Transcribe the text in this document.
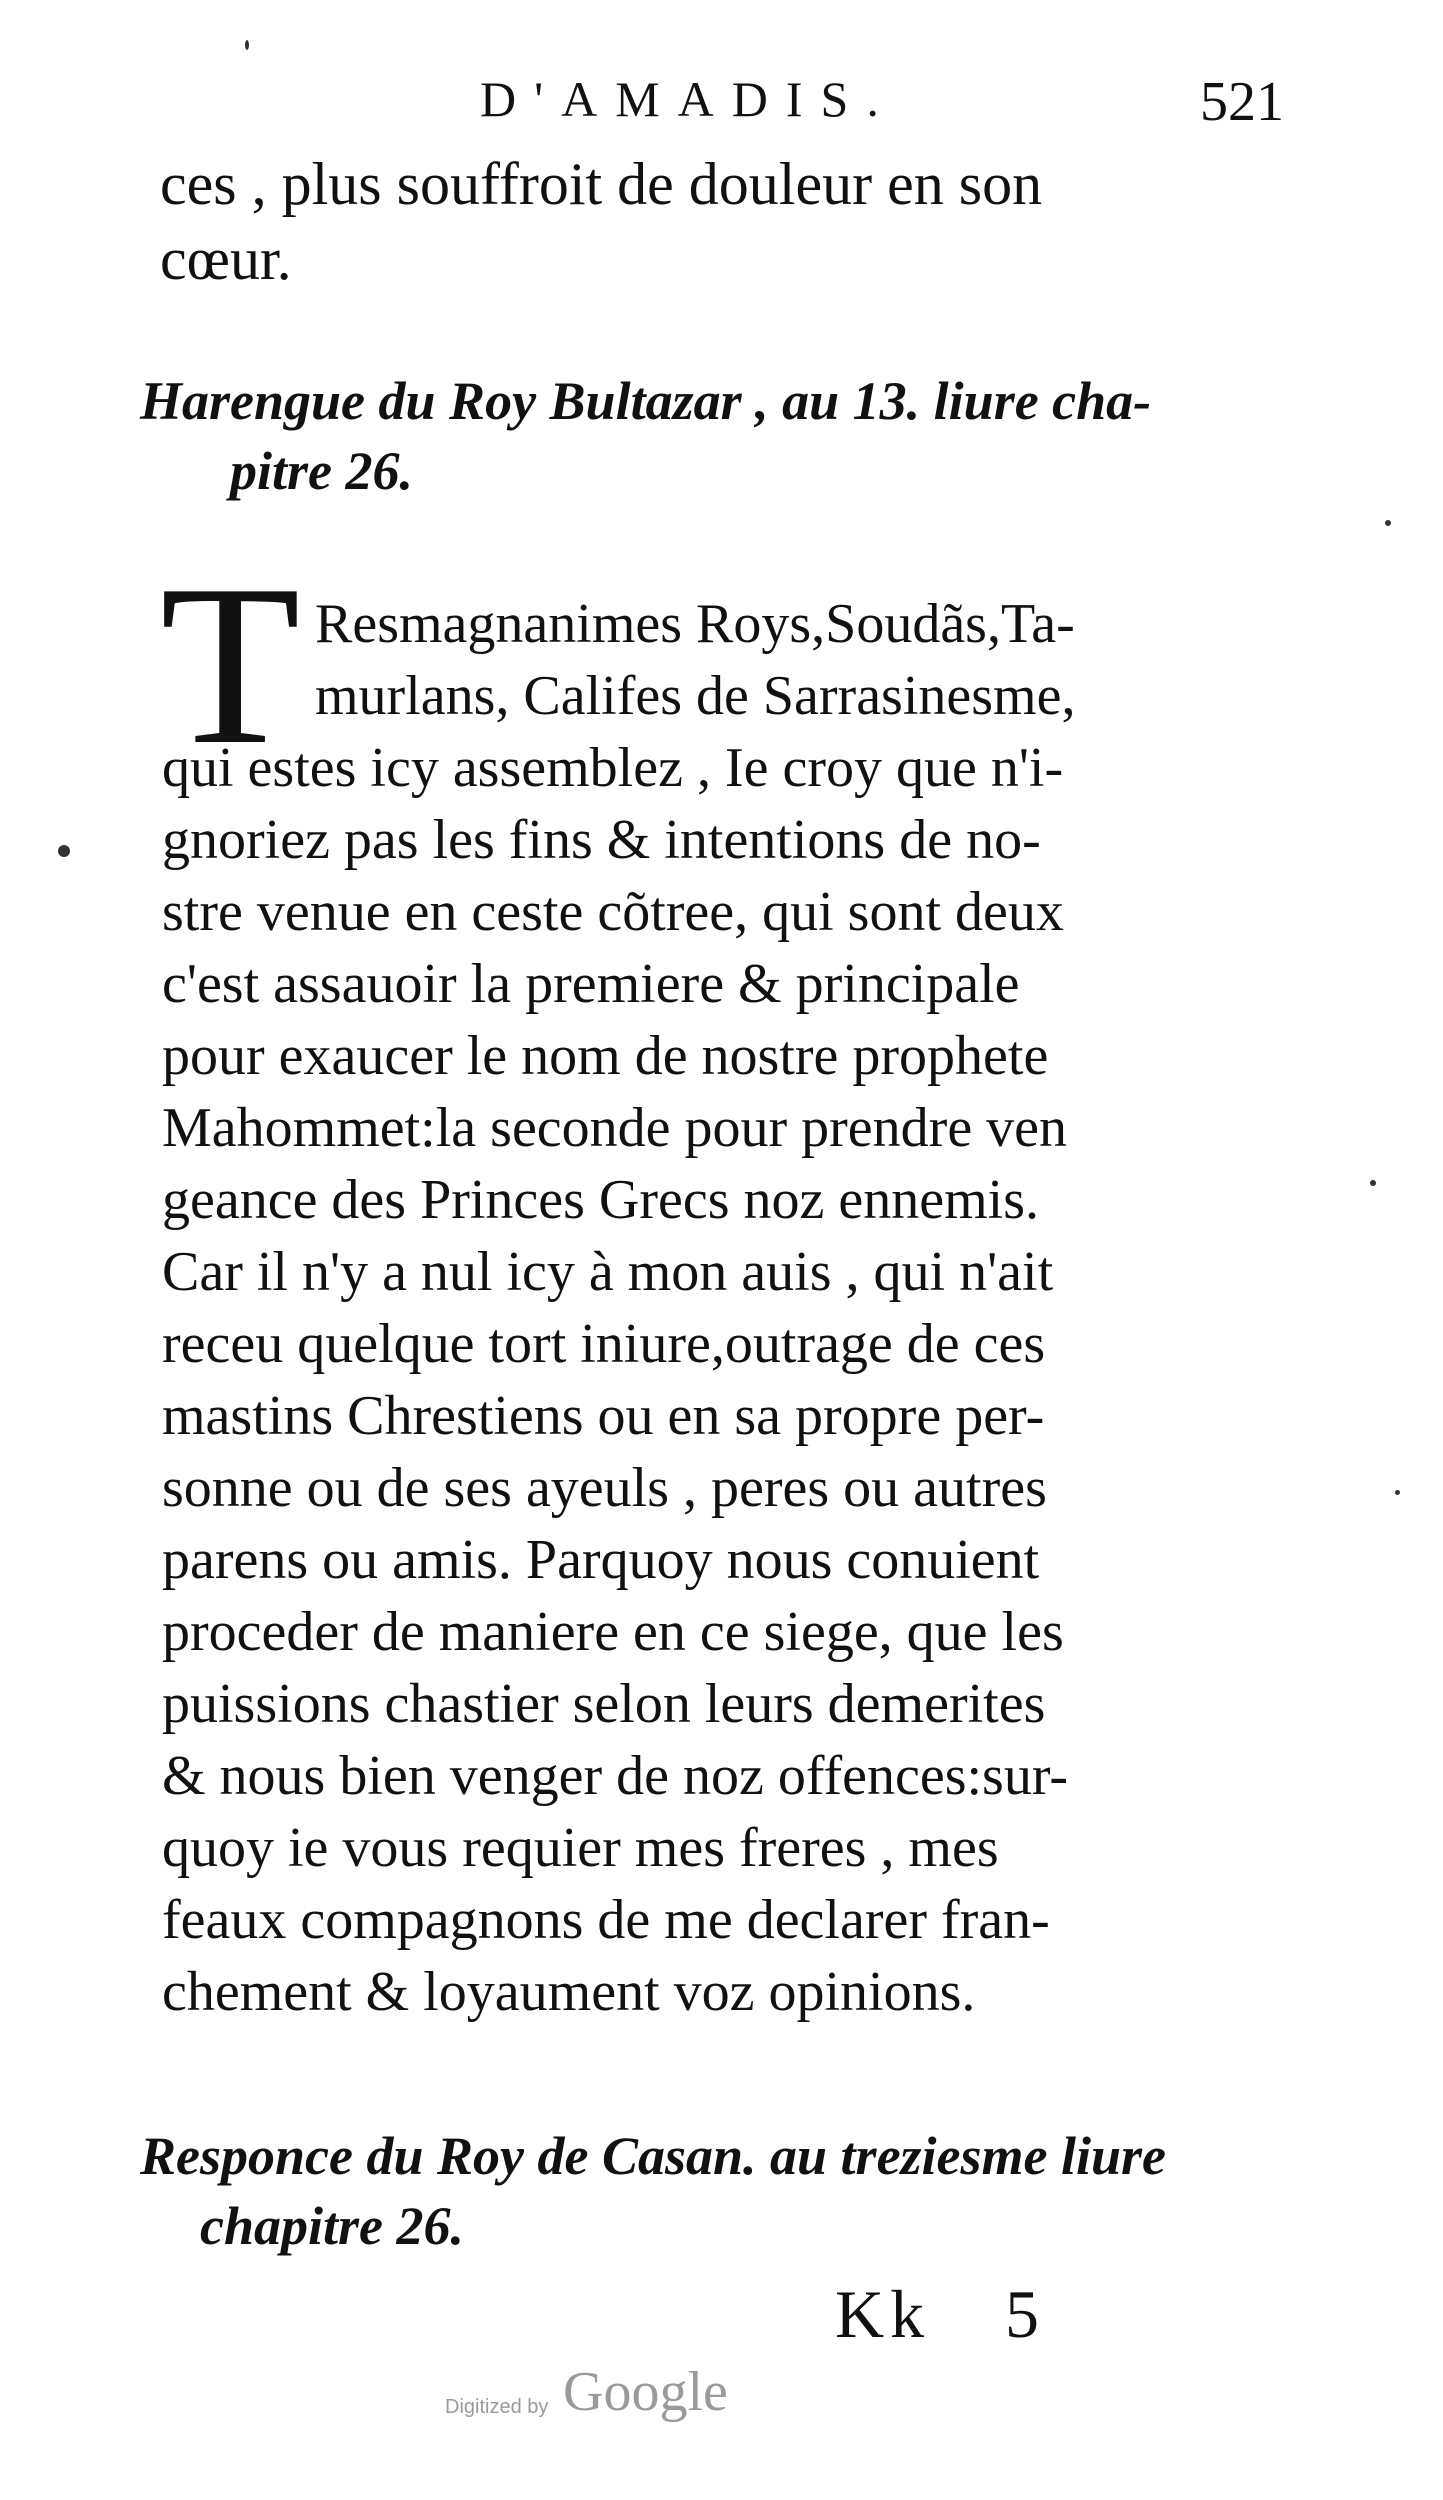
D'AMADIS.	521
ces , plus souffroit de douleur en son
cœur.
Harengue du Roy Bultazar , au 13. liure cha-
pitre 26.
T Resmagnanimes Roys,Soudãs,Ta-
murlans, Califes de Sarrasinesme,
qui estes icy assemblez , Ie croy que n'i-
gnoriez pas les fins & intentions de no-
stre venue en ceste cõtree, qui sont deux
c'est assauoir la premiere & principale
pour exaucer le nom de nostre prophete
Mahommet:la seconde pour prendre ven
geance des Princes Grecs noz ennemis.
Car il n'y a nul icy à mon auis , qui n'ait
receu quelque tort iniure,outrage de ces
mastins Chrestiens ou en sa propre per-
sonne ou de ses ayeuls , peres ou autres
parens ou amis. Parquoy nous conuient
proceder de maniere en ce siege, que les
puissions chastier selon leurs demerites
& nous bien venger de noz offences:sur-
quoy ie vous requier mes freres , mes
feaux compagnons de me declarer fran-
chement & loyaument voz opinions.
Responce du Roy de Casan. au treziesme liure
chapitre 26.
Kk 5
Digitized by Google
